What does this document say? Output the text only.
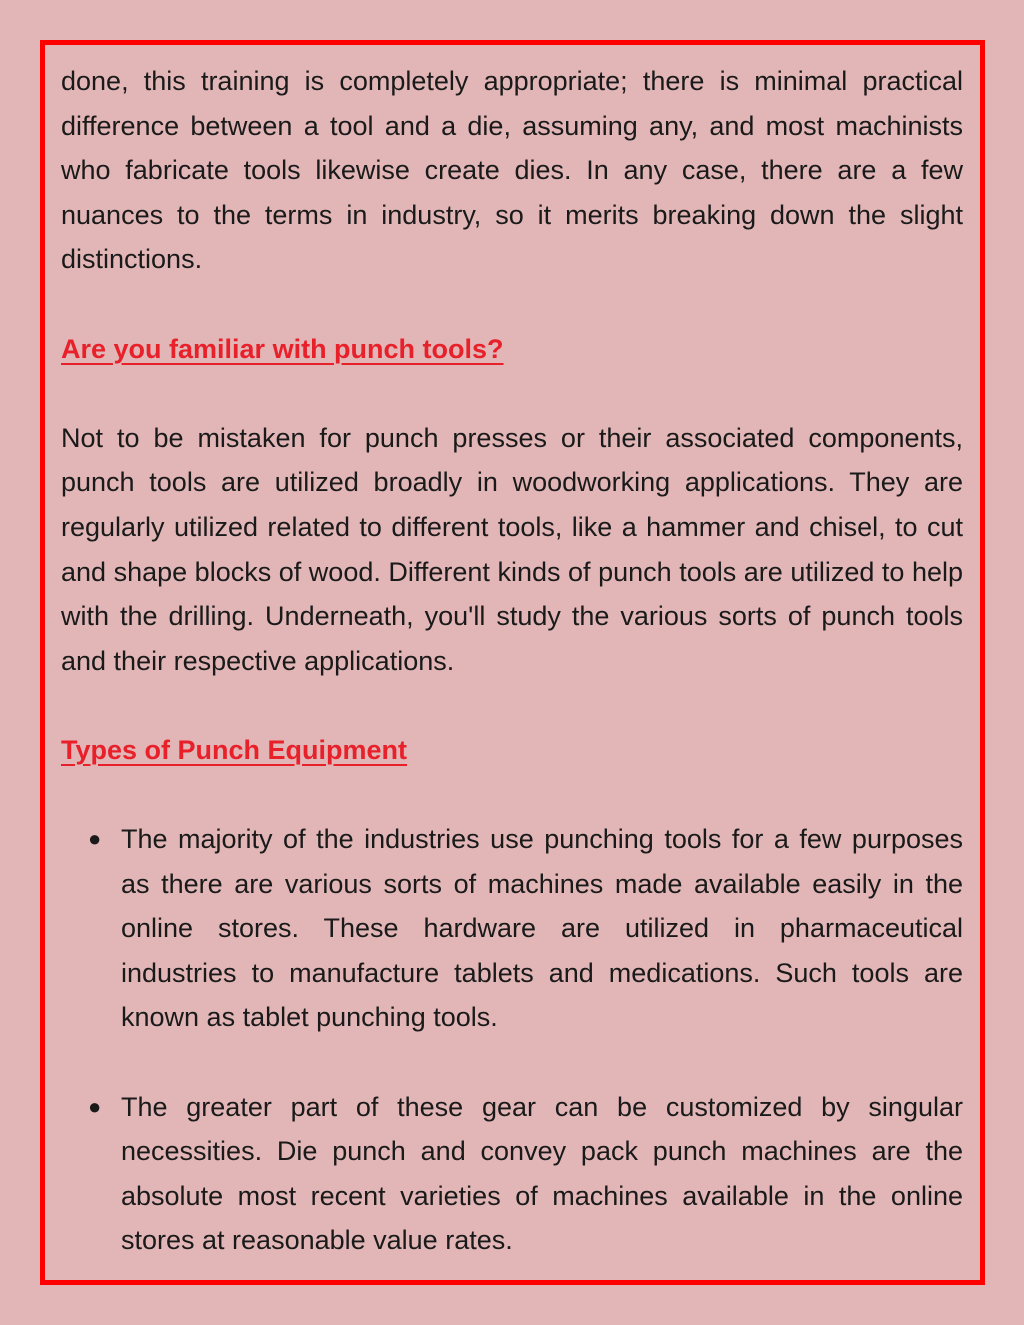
done, this training is completely appropriate; there is minimal practical difference between a tool and a die, assuming any, and most machinists who fabricate tools likewise create dies. In any case, there are a few nuances to the terms in industry, so it merits breaking down the slight distinctions.

Are you familiar with punch tools?

Not to be mistaken for punch presses or their associated components, punch tools are utilized broadly in woodworking applications. They are regularly utilized related to different tools, like a hammer and chisel, to cut and shape blocks of wood. Different kinds of punch tools are utilized to help with the drilling. Underneath, you'll study the various sorts of punch tools and their respective applications.

Types of Punch Equipment

● The majority of the industries use punching tools for a few purposes as there are various sorts of machines made available easily in the online stores. These hardware are utilized in pharmaceutical industries to manufacture tablets and medications. Such tools are known as tablet punching tools.
● The greater part of these gear can be customized by singular necessities. Die punch and convey pack punch machines are the absolute most recent varieties of machines available in the online stores at reasonable value rates.
